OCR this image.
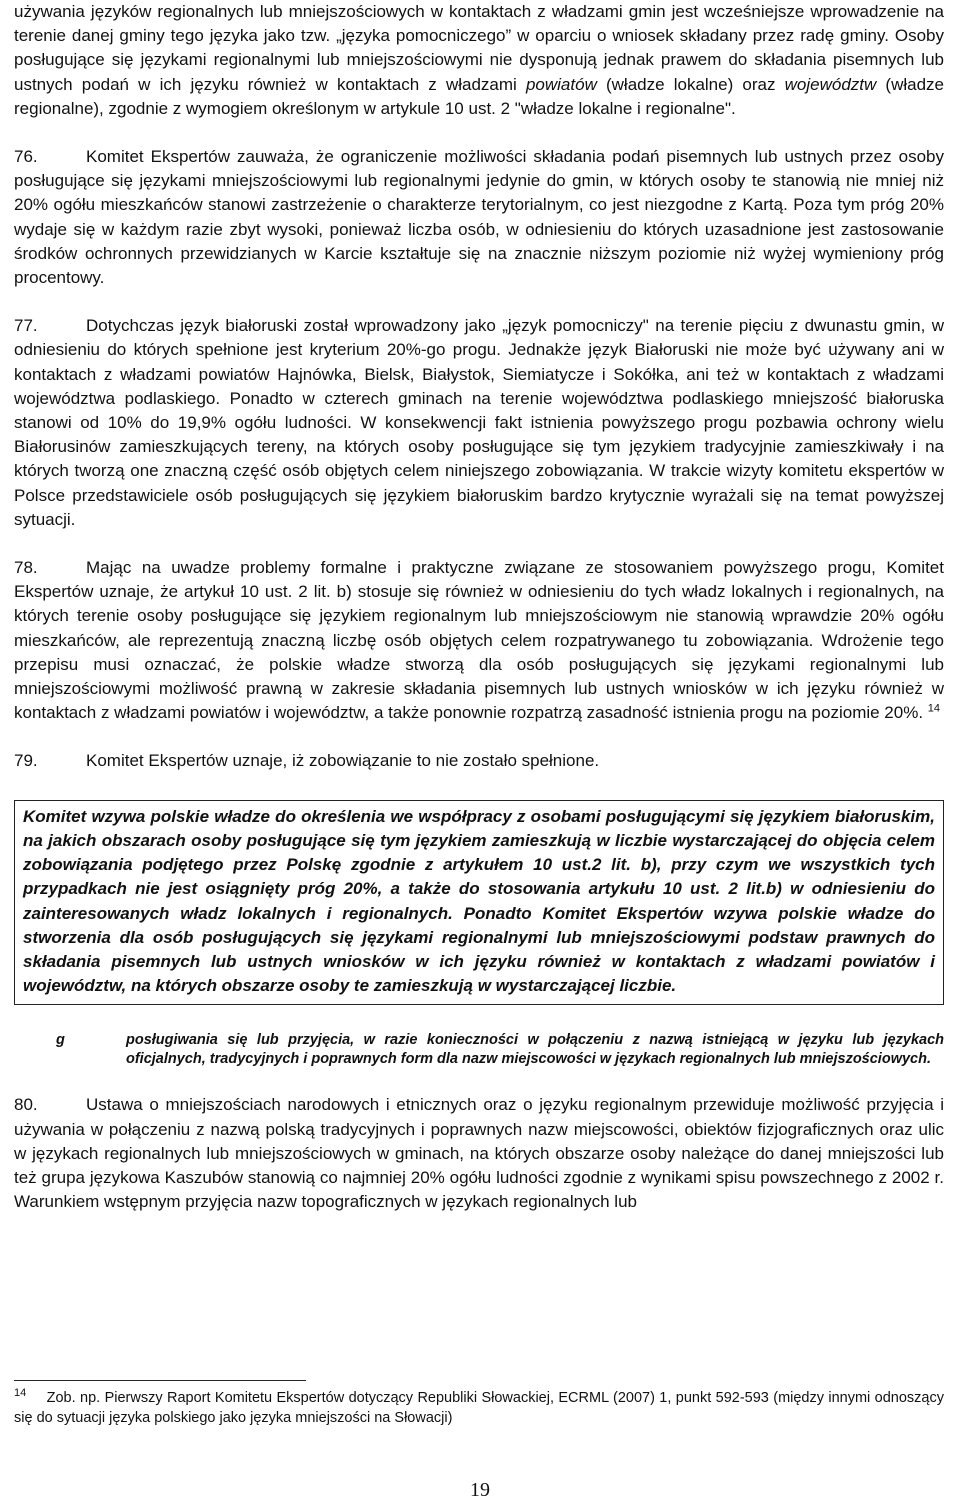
używania języków regionalnych lub mniejszościowych w kontaktach z władzami gmin jest wcześniejsze wprowadzenie na terenie danej gminy tego języka jako tzw. „języka pomocniczego” w oparciu o wniosek składany przez radę gminy. Osoby posługujące się językami regionalnymi lub mniejszościowymi nie dysponują jednak prawem do składania pisemnych lub ustnych podań w ich języku również w kontaktach z władzami powiatów (władze lokalne) oraz województw (władze regionalne), zgodnie z wymogiem określonym w artykule 10 ust. 2 "władze lokalne i regionalne".

76.	Komitet Ekspertów zauważa, że ograniczenie możliwości składania podań pisemnych lub ustnych przez osoby posługujące się językami mniejszościowymi lub regionalnymi jedynie do gmin, w których osoby te stanowią nie mniej niż 20% ogółu mieszkańców stanowi zastrzeżenie o charakterze terytorialnym, co jest niezgodne z Kartą. Poza tym próg 20% wydaje się w każdym razie zbyt wysoki, ponieważ liczba osób, w odniesieniu do których uzasadnione jest zastosowanie środków ochronnych przewidzianych w Karcie kształtuje się na znacznie niższym poziomie niż wyżej wymieniony próg procentowy.

77.	Dotychczas język białoruski został wprowadzony jako „język pomocniczy" na terenie pięciu z dwunastu gmin, w odniesieniu do których spełnione jest kryterium 20%-go progu. Jednakże język Białoruski nie może być używany ani w kontaktach z władzami powiatów Hajnówka, Bielsk, Białystok, Siemiatycze i Sokółka, ani też w kontaktach z władzami województwa podlaskiego. Ponadto w czterech gminach na terenie województwa podlaskiego mniejszość białoruska stanowi od 10% do 19,9% ogółu ludności. W konsekwencji fakt istnienia powyższego progu pozbawia ochrony wielu Białorusinów zamieszkujących tereny, na których osoby posługujące się tym językiem tradycyjnie zamieszkiwały i na których tworzą one znaczną część osób objętych celem niniejszego zobowiązania. W trakcie wizyty komitetu ekspertów w Polsce przedstawiciele osób posługujących się językiem białoruskim bardzo krytycznie wyrażali się na temat powyższej sytuacji.

78.	Mając na uwadze problemy formalne i praktyczne związane ze stosowaniem powyższego progu, Komitet Ekspertów uznaje, że artykuł 10 ust. 2 lit. b) stosuje się również w odniesieniu do tych władz lokalnych i regionalnych, na których terenie osoby posługujące się językiem regionalnym lub mniejszościowym nie stanowią wprawdzie 20% ogółu mieszkańców, ale reprezentują znaczną liczbę osób objętych celem rozpatrywanego tu zobowiązania. Wdrożenie tego przepisu musi oznaczać, że polskie władze stworzą dla osób posługujących się językami regionalnymi lub mniejszościowymi możliwość prawną w zakresie składania pisemnych lub ustnych wniosków w ich języku również w kontaktach z władzami powiatów i województw, a także ponownie rozpatrzą zasadność istnienia progu na poziomie 20%. $^{14}$

79.	Komitet Ekspertów uznaje, iż zobowiązanie to nie zostało spełnione.

Komitet wzywa polskie władze do określenia we współpracy z osobami posługującymi się językiem białoruskim, na jakich obszarach osoby posługujące się tym językiem zamieszkują w liczbie wystarczającej do objęcia celem zobowiązania podjętego przez Polskę zgodnie z artykułem 10 ust.2 lit. b), przy czym we wszystkich tych przypadkach nie jest osiągnięty próg 20%, a także do stosowania artykułu 10 ust. 2 lit.b) w odniesieniu do zainteresowanych władz lokalnych i regionalnych. Ponadto Komitet Ekspertów wzywa polskie władze do stworzenia dla osób posługujących się językami regionalnymi lub mniejszościowymi podstaw prawnych do składania pisemnych lub ustnych wniosków w ich języku również w kontaktach z władzami powiatów i województw, na których obszarze osoby te zamieszkują w wystarczającej liczbie.
g	posługiwania się lub przyjęcia, w razie konieczności w połączeniu z nazwą istniejącą w języku lub językach oficjalnych, tradycyjnych i poprawnych form dla nazw miejscowości w językach regionalnych lub mniejszościowych.

80.	Ustawa o mniejszościach narodowych i etnicznych oraz o języku regionalnym przewiduje możliwość przyjęcia i używania w połączeniu z nazwą polską tradycyjnych i poprawnych nazw miejscowości, obiektów fizjograficznych oraz ulic w językach regionalnych lub mniejszościowych w gminach, na których obszarze osoby należące do danej mniejszości lub też grupa językowa Kaszubów stanowią co najmniej 20% ogółu ludności zgodnie z wynikami spisu powszechnego z 2002 r. Warunkiem wstępnym przyjęcia nazw topograficznych w językach regionalnych lub

$^{14}$ Zob. np. Pierwszy Raport Komitetu Ekspertów dotyczący Republiki Słowackiej, ECRML (2007) 1, punkt 592-593 (między innymi odnoszący się do sytuacji języka polskiego jako języka mniejszości na Słowacji)
19
